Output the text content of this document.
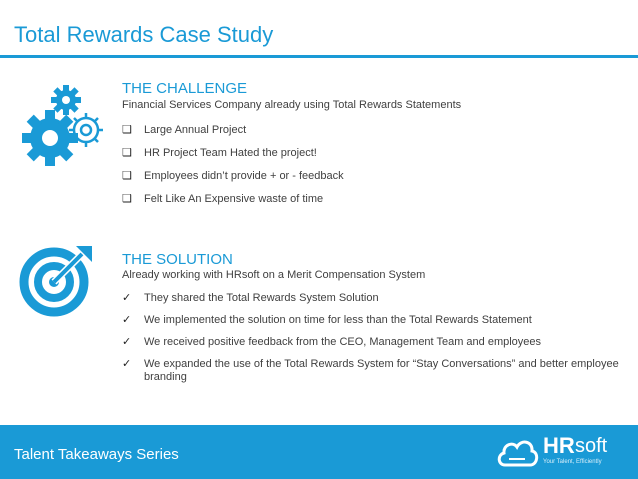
Total Rewards Case Study
THE CHALLENGE
Financial Services Company already using Total Rewards Statements
❑	Large Annual Project
❑	HR Project Team Hated the project!
❑	Employees didn’t provide + or - feedback
❑	Felt Like An Expensive waste of time
THE SOLUTION
Already working with HRsoft on a Merit Compensation System
✓	They shared the Total Rewards System Solution
✓	We implemented the solution on time for less than the Total Rewards Statement
✓	We received positive feedback from the CEO, Management Team and employees
✓	We expanded the use of the Total Rewards System for “Stay Conversations” and better employee branding
Talent Takeaways Series	HR soft
Your Talent, Efficiently
